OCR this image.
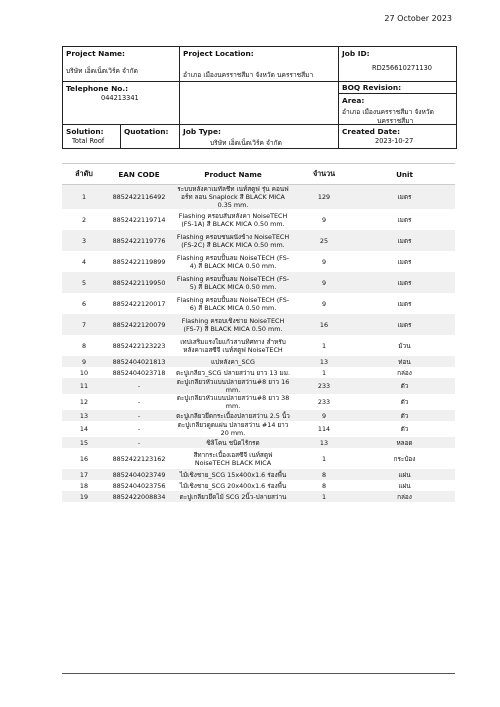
27 October 2023
Project Name:
บริษัท เอ็ดเน็ตเวิร์ค จำกัด
Project Location:
อำเภอ เมืองนครราชสีมา จังหวัด นครราชสีมา
Job ID:
RD256610271130
Telephone No.:
044213341
BOQ Revision:
Area:
อำเภอ เมืองนครราชสีมา จังหวัด
นครราชสีมา
Solution:
Total Roof
Quotation: Job Type:
บริษัท เอ็ดเน็ตเวิร์ค จำกัด
Created Date:
2023-10-27
ลำดับ	EAN CODE	Product Name	จำนวน	Unit
1	8852422116492	ระบบหลังคาเมทัลชีท เนท์สตูฟ รุ่น คอนฟอร์ท ลอน Snaplock สี BLACK MICA 0.35 mm.	129	เมตร
2	8852422119714	Flashing ครอบสันหลังคา NoiseTECH (FS-1A) สี BLACK MICA 0.50 mm.	9	เมตร
3	8852422119776	Flashing ครอบชนผนังข้าง NoiseTECH (FS-2C) สี BLACK MICA 0.50 mm.	25	เมตร
4	8852422119899	Flashing ครอบปั้นลม NoiseTECH (FS-4) สี BLACK MICA 0.50 mm.	9	เมตร
5	8852422119950	Flashing ครอบปั้นลม NoiseTECH (FS-5) สี BLACK MICA 0.50 mm.	9	เมตร
6	8852422120017	Flashing ครอบปั้นลม NoiseTECH (FS-6) สี BLACK MICA 0.50 mm.	9	เมตร
7	8852422120079	Flashing ครอบเชิงชาย NoiseTECH (FS-7) สี BLACK MICA 0.50 mm.	16	เมตร
8	8852422123223	เทปเสริมแรงใยแก้วสานทิศทาง สำหรับหลังคาเอสซีจี เนท์สตูฟ NoiseTECH	1	ม้วน
9	8852404021813	แปหลังคา_SCG	13	ท่อน
10	8852404023718	ตะปูเกลียว_SCG ปลายสว่าน ยาว 13 มม.	1	กล่อง
11	-	ตะปูเกลียวหัวแบนปลายสว่าน#8 ยาว 16 mm.	233	ตัว
12	-	ตะปูเกลียวหัวแบนปลายสว่าน#8 ยาว 38 mm.	233	ตัว
13	-	ตะปูเกลียวยึดกระเบื้องปลายสว่าน 2.5 นิ้ว	9	ตัว
14	-	ตะปูเกลียวดูดแผ่น ปลายสว่าน #14 ยาว 20 mm.	114	ตัว
15	-	ซิลิโคน ชนิดไร้กรด	13	หลอด
16	8852422123162	สีทากระเบื้องเอสซีจี เนท์สตูฟ NoiseTECH BLACK MICA	1	กระป๋อง
17	8852404023749	ไม้เชิงชาย_SCG 15x400x1.6 ร่องพื้น	8	แผ่น
18	8852404023756	ไม้เชิงชาย_SCG 20x400x1.6 ร่องพื้น	8	แผ่น
19	8852422008834	ตะปูเกลียวยึดไม้ SCG 2นิ้ว-ปลายสว่าน	1	กล่อง
